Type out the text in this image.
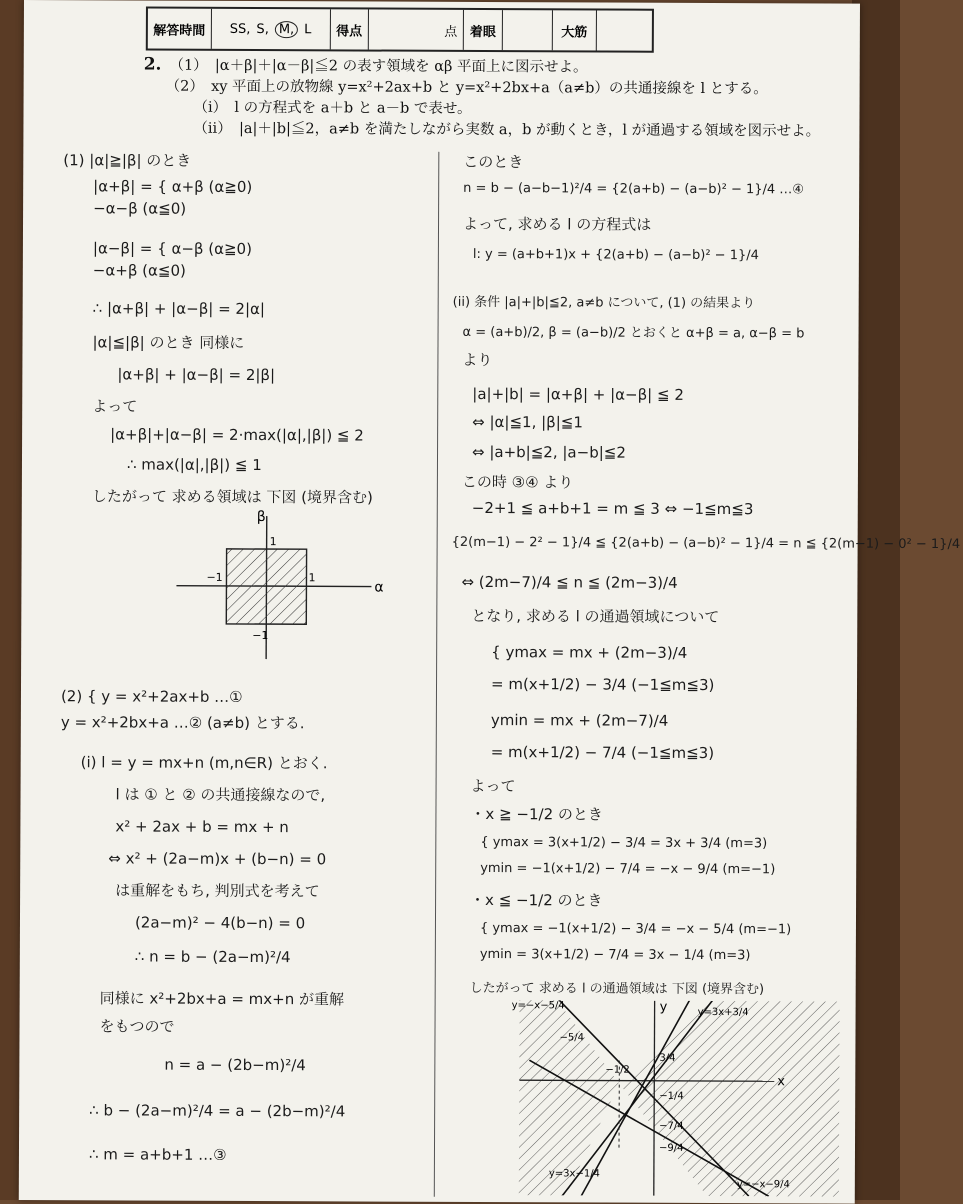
解答時間	SS, S, M, L	得点	点 着眼	大筋
2. （1）　|α＋β|＋|α－β|≦2 の表す領域を αβ 平面上に図示せよ。
（2）　xy 平面上の放物線 y=x²+2ax+b と y=x²+2bx+a（a≠b）の共通接線を l とする。
（ⅰ）　l の方程式を a＋b と a－b で表せ。
（ⅱ）　|a|＋|b|≦2，a≠b を満たしながら実数 a，b が動くとき，l が通過する領域を図示せよ。
(1) |α|≧|β| のとき
|α+β| = { α+β (α≧0)
−α−β (α≦0)
|α−β| = { α−β (α≧0)
−α+β (α≦0)
∴ |α+β| + |α−β| = 2|α|
|α|≦|β| のとき 同様に
|α+β| + |α−β| = 2|β|
よって
|α+β|+|α−β| = 2·max(|α|,|β|) ≦ 2
∴ max(|α|,|β|) ≦ 1
したがって 求める領域は 下図 (境界含む)
α
β
1
−1
1
−1
(2) { y = x²+2ax+b …①
y = x²+2bx+a …② (a≠b) とする.
(i) l = y = mx+n (m,n∈R) とおく.
l は ① と ② の共通接線なので,
x² + 2ax + b = mx + n
⇔ x² + (2a−m)x + (b−n) = 0
は重解をもち, 判別式を考えて
(2a−m)² − 4(b−n) = 0
∴ n = b − (2a−m)²/4
同様に x²+2bx+a = mx+n が重解
をもつので
n = a − (2b−m)²/4
∴ b − (2a−m)²/4 = a − (2b−m)²/4
∴ m = a+b+1 …③
このとき
n = b − (a−b−1)²/4 = {2(a+b) − (a−b)² − 1}/4 …④
よって, 求める l の方程式は
l: y = (a+b+1)x + {2(a+b) − (a−b)² − 1}/4
(ii) 条件 |a|+|b|≦2, a≠b について, (1) の結果より
α = (a+b)/2, β = (a−b)/2 とおくと α+β = a, α−β = b
より
|a|+|b| = |α+β| + |α−β| ≦ 2
⇔ |α|≦1, |β|≦1
⇔ |a+b|≦2, |a−b|≦2
この時 ③④ より
−2+1 ≦ a+b+1 = m ≦ 3 ⇔ −1≦m≦3
{2(m−1) − 2² − 1}/4 ≦ {2(a+b) − (a−b)² − 1}/4 = n ≦ {2(m−1) − 0² − 1}/4
⇔ (2m−7)/4 ≦ n ≦ (2m−3)/4
となり, 求める l の通過領域について
{ ymax = mx + (2m−3)/4
= m(x+1/2) − 3/4 (−1≦m≦3)
ymin = mx + (2m−7)/4
= m(x+1/2) − 7/4 (−1≦m≦3)
よって
・x ≧ −1/2 のとき
{ ymax = 3(x+1/2) − 3/4 = 3x + 3/4 (m=3)
ymin = −1(x+1/2) − 7/4 = −x − 9/4 (m=−1)
・x ≦ −1/2 のとき
{ ymax = −1(x+1/2) − 3/4 = −x − 5/4 (m=−1)
ymin = 3(x+1/2) − 7/4 = 3x − 1/4 (m=3)
したがって 求める l の通過領域は 下図 (境界含む)
x
y
y=−x−5/4
y=3x+3/4
y=3x−1/4
y=−x−9/4
−5/4
−1/2
3/4
−1/4
−7/4
−9/4
